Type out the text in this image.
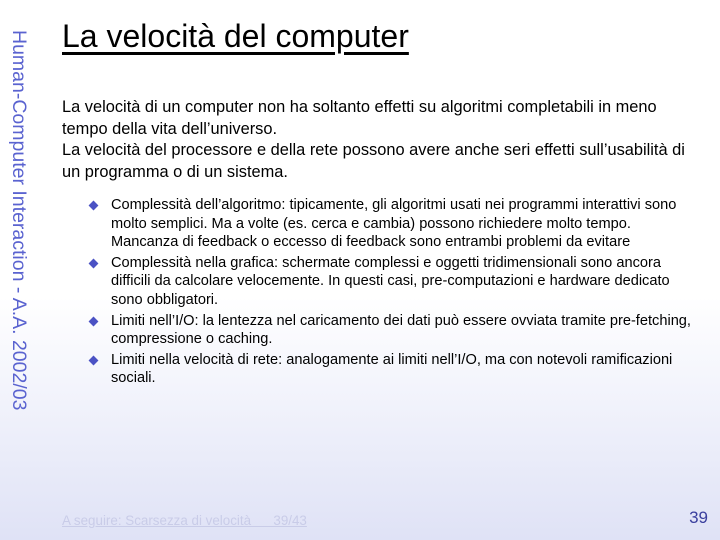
Human-Computer Interaction - A.A. 2002/03 La velocità del computer

La velocità di un computer non ha soltanto effetti su algoritmi completabili in meno tempo della vita dell’universo.

La velocità del processore e della rete possono avere anche seri effetti sull’usabilità di un programma o di un sistema.

Complessità dell’algoritmo: tipicamente, gli algoritmi usati nei programmi interattivi sono molto semplici. Ma a volte (es. cerca e cambia) possono richiedere molto tempo. Mancanza di feedback o eccesso di feedback sono entrambi problemi da evitare
Complessità nella grafica: schermate complessi e oggetti tridimensionali sono ancora difficili da calcolare velocemente. In questi casi, pre-computazioni e hardware dedicato sono obbligatori.
Limiti nell’I/O: la lentezza nel caricamento dei dati può essere ovviata tramite pre-fetching, compressione o caching.
Limiti nella velocità di rete: analogamente ai limiti nell’I/O, ma con notevoli ramificazioni sociali.
A seguire: Scarsezza di velocità      39/43	39
